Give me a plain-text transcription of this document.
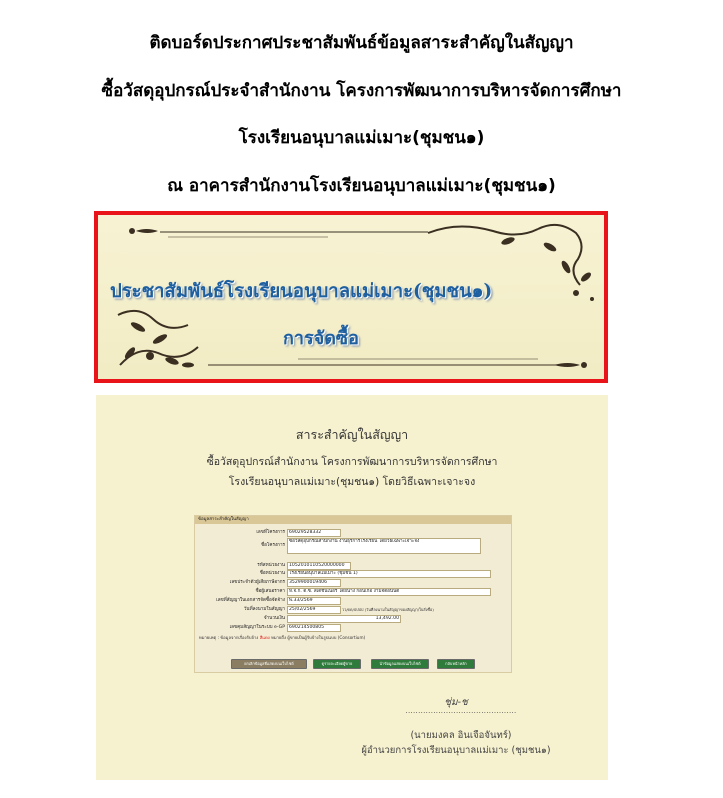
ติดบอร์ดประกาศประชาสัมพันธ์ข้อมูลสาระสำคัญในสัญญา
ซื้อวัสดุอุปกรณ์ประจำสำนักงาน โครงการพัฒนาการบริหารจัดการศึกษา
โรงเรียนอนุบาลแม่เมาะ(ชุมชน๑)
ณ อาคารสำนักงานโรงเรียนอนุบาลแม่เมาะ(ชุมชน๑)
ประชาสัมพันธ์โรงเรียนอนุบาลแม่เมาะ(ชุมชน๑)
การจัดซื้อ
สาระสำคัญในสัญญา
ซื้อวัสดุอุปกรณ์สำนักงาน โครงการพัฒนาการบริหารจัดการศึกษา
โรงเรียนอนุบาลแม่เมาะ(ชุมชน๑) โดยวิธีเฉพาะเจาะจง
ข้อมูลสาระสำคัญในสัญญา
เลขที่โครงการ 69029528332
ชื่อโครงการ
ซื้อวัสดุอุปกรณ์สำนักงาน งานธุรการโรงเรียน โดยวิธีเฉพาะเจาะจง
รหัสหน่วยงาน 1052010110520000000
ชื่อหน่วยงาน โรงเรียนอนุบาลแม่เมาะ (ชุมชน 1)
เลขประจำตัวผู้เสียภาษีอากร 3529900019406
ชื่อผู้เสนอราคา ห.จ.ก. ดี.ซี. สเตชั่นเนอรี่ โดยนาง กอนเกือ งามจิตอนันต์
เลขที่สัญญาในเอกสารจัดซื้อจัดจ้าง พ.33/2569
วันที่ลงนามในสัญญา 25/02/2569	วว/ดด/ปปปป (วันที่ลงนามในสัญญาของสัญญา/ใบสั่งซื้อ)
จำนวนเงิน	13,492.00
เลขคุมสัญญาในระบบ e-GP 690214500805
หมายเหตุ : ข้อมูลจากเรื่องรับจ้าง สีแดง หมายถึง ผู้ขายเป็นผู้รับจ้างในรูปแบบ (Consortium)
ยกเลิกข้อมูลที่แสดงบนเว็บไซต์	ดูรายละเอียดผู้ขาย	นำข้อมูลแสดงบนเว็บไซต์	กลับหน้าหลัก
ชุ่ม-ช
............................................
(นายมงคล อินเจือจันทร์)
ผู้อำนวยการโรงเรียนอนุบาลแม่เมาะ (ชุมชน๑)
